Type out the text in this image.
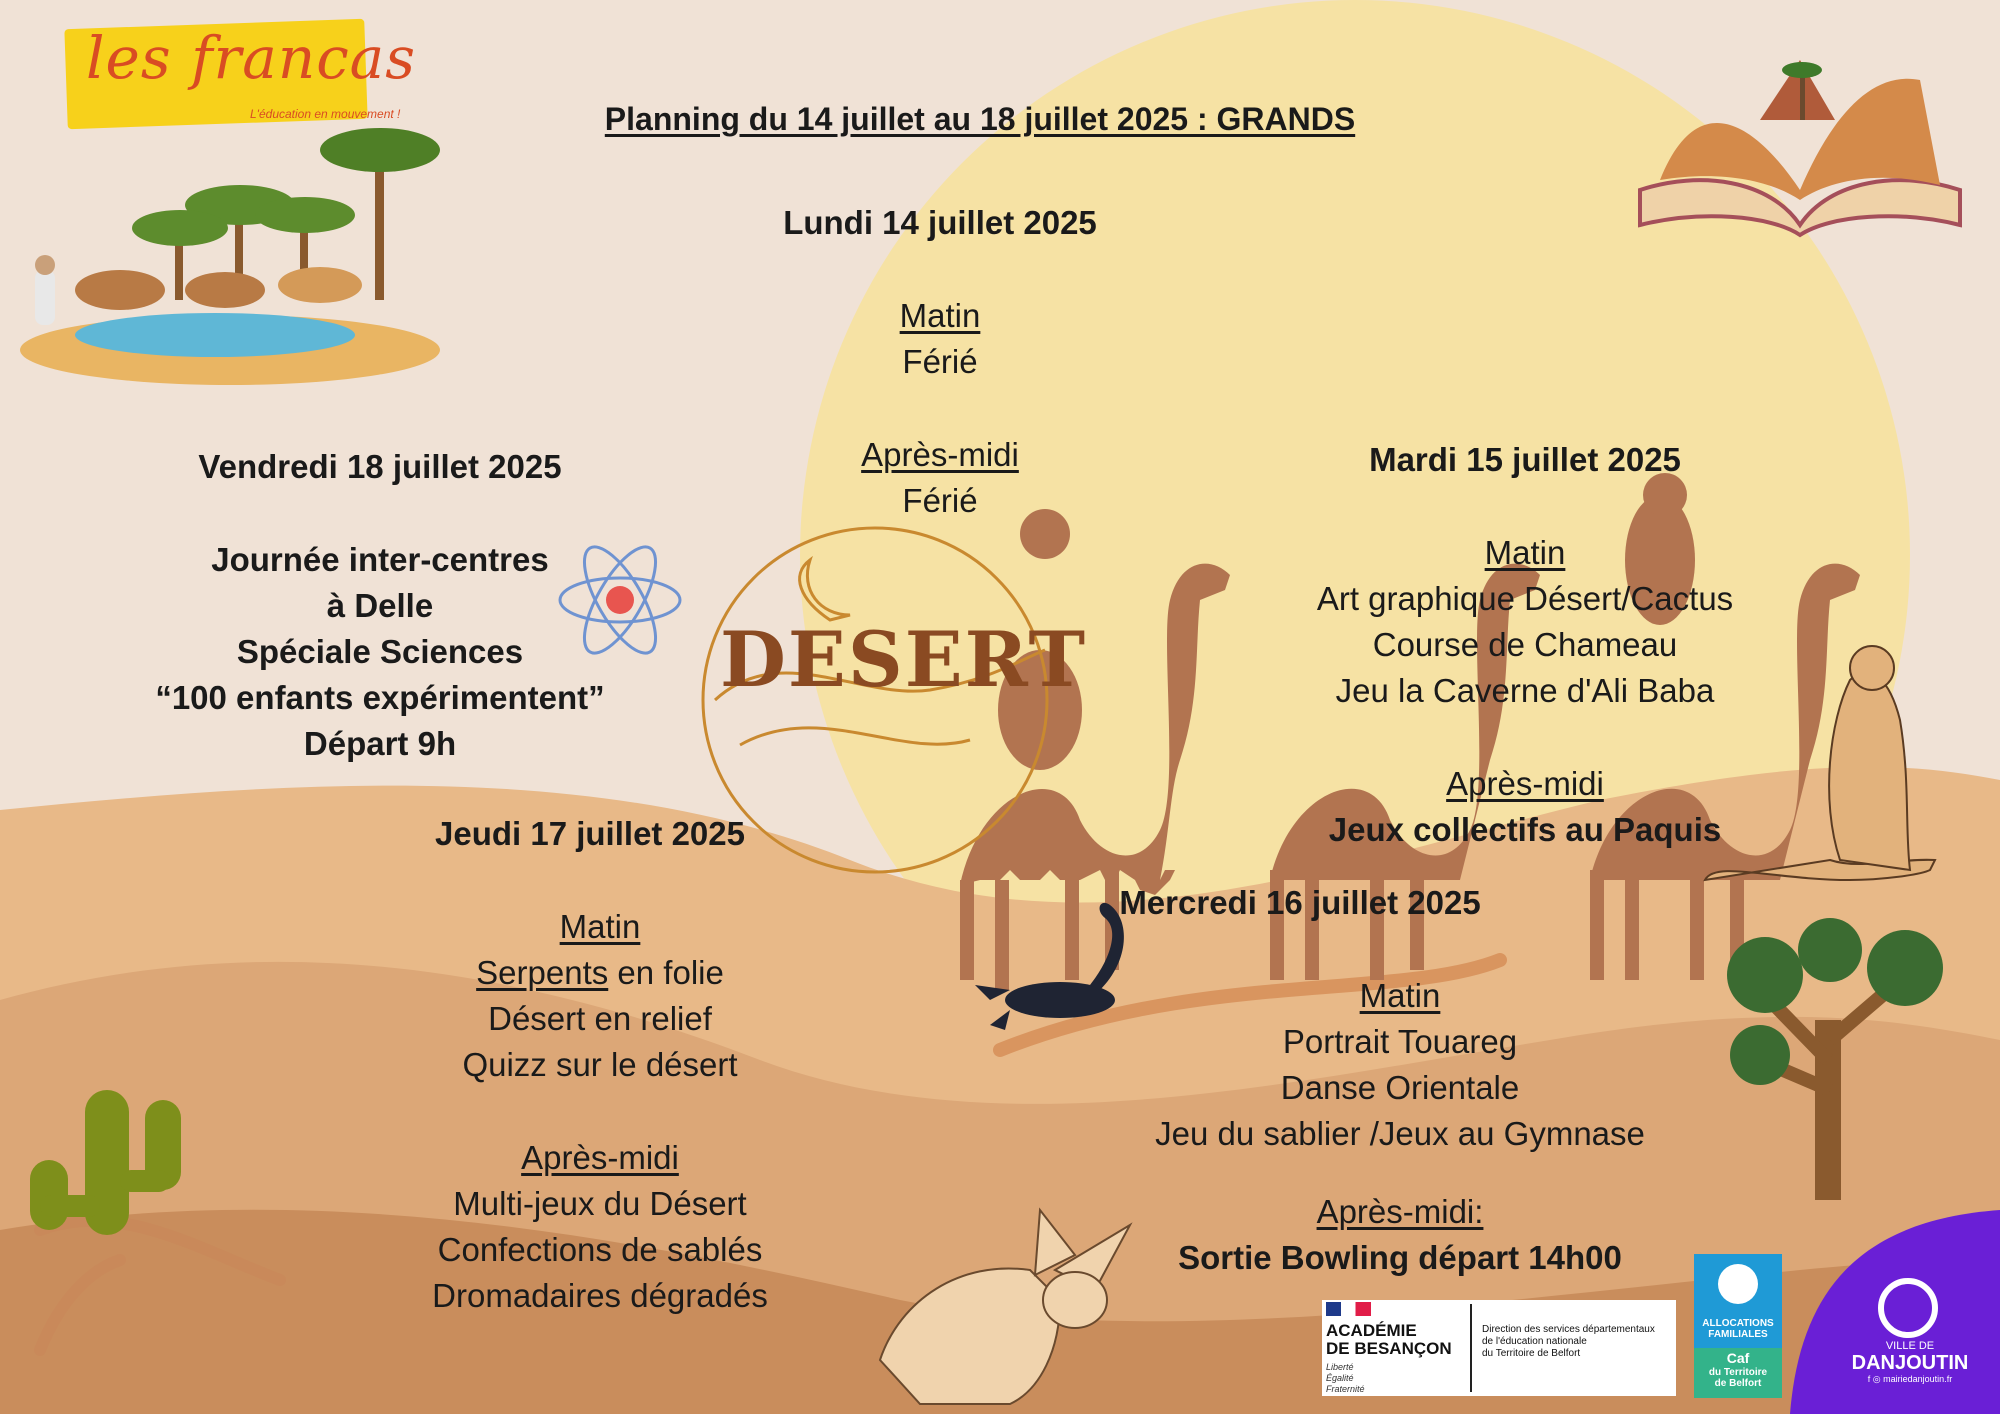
les francas
L'éducation en mouvement !
DESERT
Planning du 14 juillet au 18 juillet 2025 : GRANDS
Lundi 14 juillet 2025
Matin
Férié
Après-midi
Férié
Mardi 15 juillet 2025
Matin
Art graphique Désert/Cactus
Course de Chameau
Jeu la Caverne d'Ali Baba
Après-midi
Jeux collectifs au Paquis
Mercredi 16 juillet 2025
Matin
Portrait Touareg
Danse Orientale
Jeu du sablier /Jeux au Gymnase
Après-midi:
Sortie Bowling départ 14h00
Jeudi 17 juillet 2025
Matin
Serpents en folie
Désert en relief
Quizz sur le désert
Après-midi
Multi-jeux du Désert
Confections de sablés
Dromadaires dégradés
Vendredi 18 juillet 2025
Journée inter-centres
à Delle
Spéciale Sciences
“100 enfants expérimentent”
Départ 9h
ACADÉMIE
DE BESANÇON
Liberté
Égalité
Fraternité
Direction des services départementaux
de l'éducation nationale
du Territoire de Belfort
ALLOCATIONS
FAMILIALES
Caf
du Territoire
de Belfort
VILLE DE
DANJOUTIN
f ◎ mairiedanjoutin.fr
